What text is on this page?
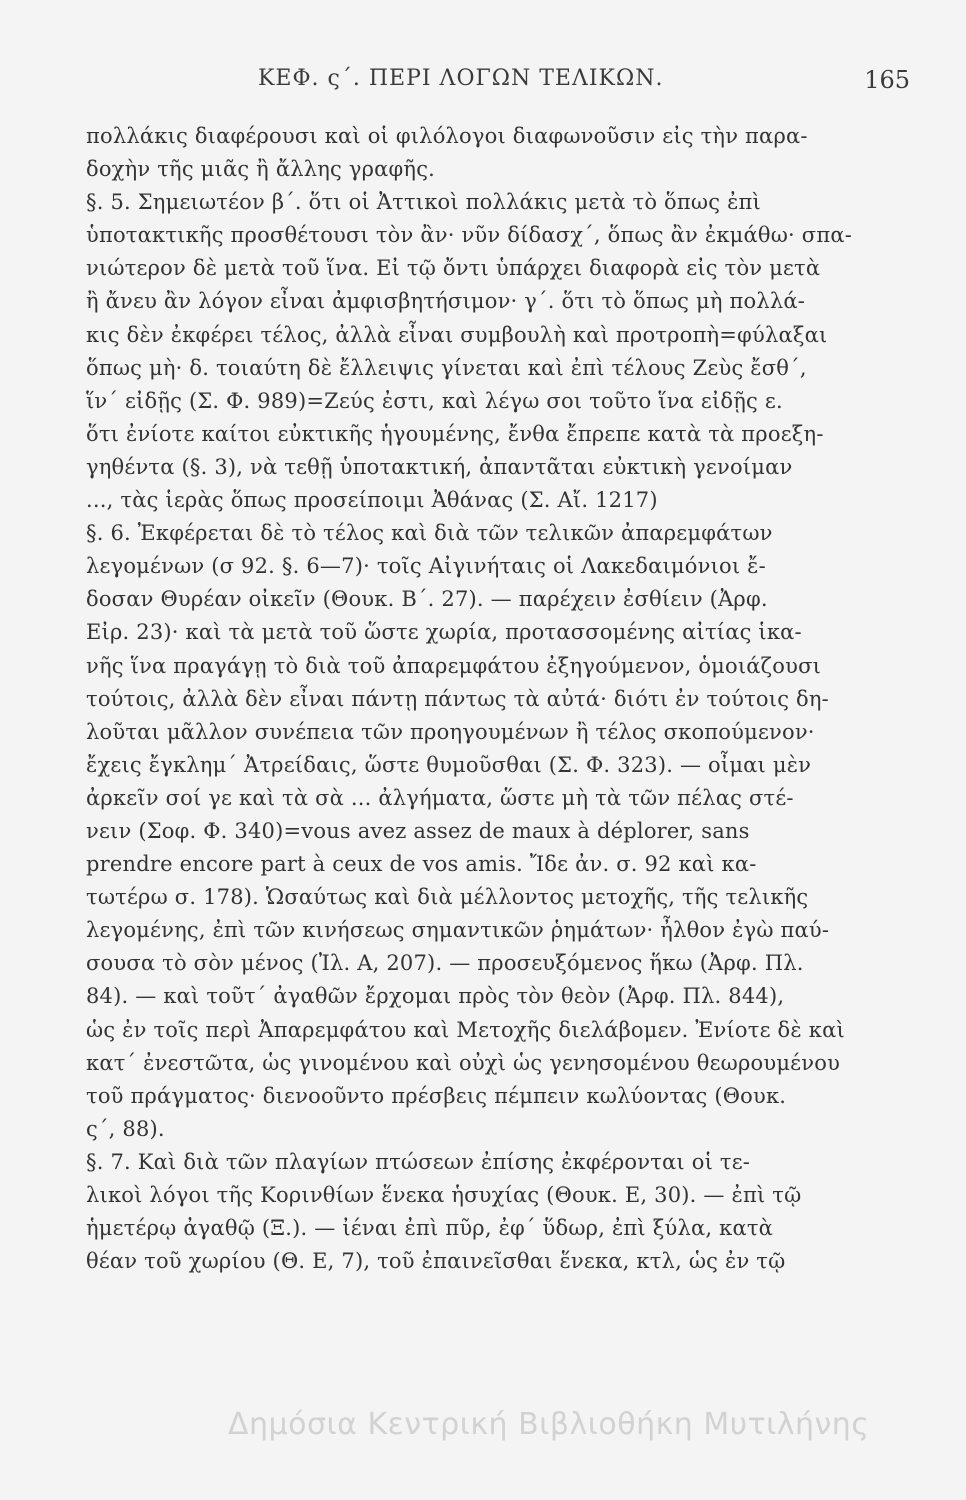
ΚΕΦ. ς΄. ΠΕΡΙ ΛΟΓΩΝ ΤΕΛΙΚΩΝ.	165
πολλάκις διαφέρουσι καὶ οἱ φιλόλογοι διαφωνοῦσιν εἰς τὴν παρα-
δοχὴν τῆς μιᾶς ἢ ἄλλης γραφῆς.
§. 5. Σημειωτέον β΄. ὅτι οἱ Ἀττικοὶ πολλάκις μετὰ τὸ ὅπως ἐπὶ
ὑποτακτικῆς προσθέτουσι τὸν ἂν· νῦν δίδασχ΄, ὅπως ἂν ἐκμάθω· σπα-
νιώτερον δὲ μετὰ τοῦ ἵνα. Εἰ τῷ ὄντι ὑπάρχει διαφορὰ εἰς τὸν μετὰ
ἢ ἄνευ ἂν λόγον εἶναι ἀμφισβητήσιμον· γ΄. ὅτι τὸ ὅπως μὴ πολλά-
κις δὲν ἐκφέρει τέλος, ἀλλὰ εἶναι συμβουλὴ καὶ προτροπὴ=φύλαξαι
ὅπως μὴ· δ. τοιαύτη δὲ ἔλλειψις γίνεται καὶ ἐπὶ τέλους Ζεὺς ἔσθ΄,
ἵν΄ εἰδῇς (Σ. Φ. 989)=Ζεύς ἐστι, καὶ λέγω σοι τοῦτο ἵνα εἰδῇς ε.
ὅτι ἐνίοτε καίτοι εὐκτικῆς ἡγουμένης, ἔνθα ἔπρεπε κατὰ τὰ προεξη-
γηθέντα (§. 3), νὰ τεθῇ ὑποτακτική, ἀπαντᾶται εὐκτικὴ γενοίμαν
..., τὰς ἱερὰς ὅπως προσείποιμι Ἀθάνας (Σ. Αἴ. 1217)
§. 6. Ἐκφέρεται δὲ τὸ τέλος καὶ διὰ τῶν τελικῶν ἀπαρεμφάτων
λεγομένων (σ 92. §. 6—7)· τοῖς Αἰγινήταις οἱ Λακεδαιμόνιοι ἔ-
δοσαν Θυρέαν οἰκεῖν (Θουκ. Β΄. 27). — παρέχειν ἐσθίειν (Ἀρφ.
Εἰρ. 23)· καὶ τὰ μετὰ τοῦ ὥστε χωρία, προτασσομένης αἰτίας ἱκα-
νῆς ἵνα πραγάγῃ τὸ διὰ τοῦ ἀπαρεμφάτου ἐξηγούμενον, ὁμοιάζουσι
τούτοις, ἀλλὰ δὲν εἶναι πάντῃ πάντως τὰ αὐτά· διότι ἐν τούτοις δη-
λοῦται μᾶλλον συνέπεια τῶν προηγουμένων ἢ τέλος σκοπούμενον·
ἔχεις ἔγκλημ΄ Ἀτρείδαις, ὥστε θυμοῦσθαι (Σ. Φ. 323). — οἶμαι μὲν
ἀρκεῖν σοί γε καὶ τὰ σὰ ... ἀλγήματα, ὥστε μὴ τὰ τῶν πέλας στέ-
νειν (Σοφ. Φ. 340)=vous avez assez de maux à déplorer, sans
prendre encore part à ceux de vos amis. Ἴδε ἀν. σ. 92 καὶ κα-
τωτέρω σ. 178). Ὡσαύτως καὶ διὰ μέλλοντος μετοχῆς, τῆς τελικῆς
λεγομένης, ἐπὶ τῶν κινήσεως σημαντικῶν ῥημάτων· ἦλθον ἐγὼ παύ-
σουσα τὸ σὸν μένος (Ἰλ. Α, 207). — προσευξόμενος ἥκω (Ἀρφ. Πλ.
84). — καὶ τοῦτ΄ ἀγαθῶν ἔρχομαι πρὸς τὸν θεὸν (Ἀρφ. Πλ. 844),
ὡς ἐν τοῖς περὶ Ἀπαρεμφάτου καὶ Μετοχῆς διελάβομεν. Ἐνίοτε δὲ καὶ
κατ΄ ἐνεστῶτα, ὡς γινομένου καὶ οὐχὶ ὡς γενησομένου θεωρουμένου
τοῦ πράγματος· διενοοῦντο πρέσβεις πέμπειν κωλύοντας (Θουκ.
ς΄, 88).
§. 7. Καὶ διὰ τῶν πλαγίων πτώσεων ἐπίσης ἐκφέρονται οἱ τε-
λικοὶ λόγοι τῆς Κορινθίων ἕνεκα ἡσυχίας (Θουκ. Ε, 30). — ἐπὶ τῷ
ἡμετέρῳ ἀγαθῷ (Ξ.). — ἰέναι ἐπὶ πῦρ, ἐφ΄ ὕδωρ, ἐπὶ ξύλα, κατὰ
θέαν τοῦ χωρίου (Θ. Ε, 7), τοῦ ἐπαινεῖσθαι ἕνεκα, κτλ, ὡς ἐν τῷ
Δημόσια Κεντρική Βιβλιοθήκη Μυτιλήνης
